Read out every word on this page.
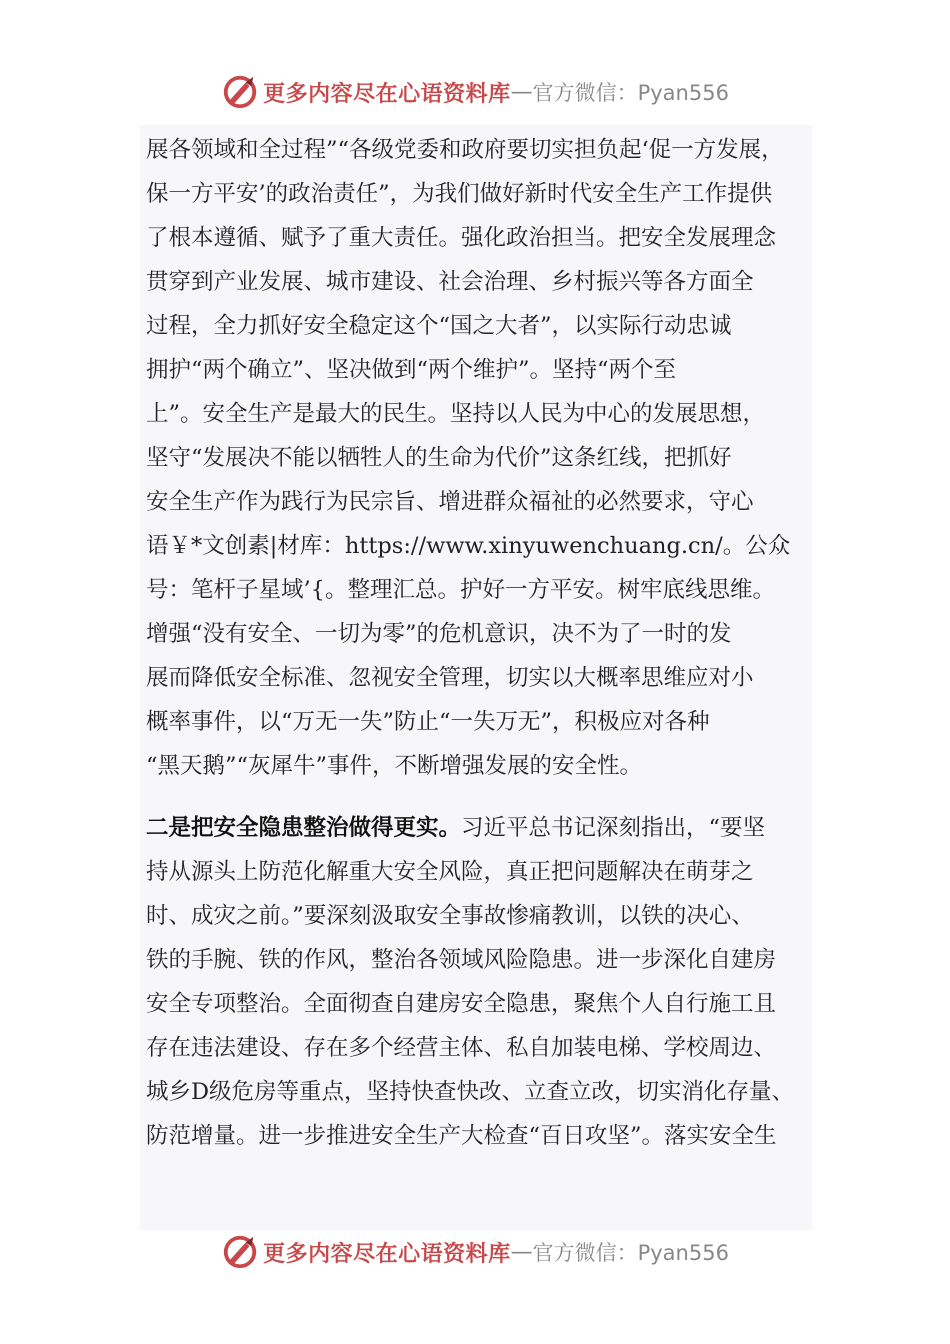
更多内容尽在心语资料库 — 官方微信：Pyan556
展各领域和全过程”“各级党委和政府要切实担负起‘促一方发展，
保一方平安’的政治责任”，为我们做好新时代安全生产工作提供
了根本遵循、赋予了重大责任。强化政治担当。把安全发展理念
贯穿到产业发展、城市建设、社会治理、乡村振兴等各方面全
过程，全力抓好安全稳定这个“国之大者”，以实际行动忠诚
拥护“两个确立”、坚决做到“两个维护”。坚持“两个至
上”。安全生产是最大的民生。坚持以人民为中心的发展思想，
坚守“发展决不能以牺牲人的生命为代价”这条红线，把抓好
安全生产作为践行为民宗旨、增进群众福祉的必然要求，守心
语￥*文创素|材库：https://www.xinyuwenchuang.cn/。公众
号：笔杆子星域’{。整理汇总。护好一方平安。树牢底线思维。
增强“没有安全、一切为零”的危机意识，决不为了一时的发
展而降低安全标准、忽视安全管理，切实以大概率思维应对小
概率事件，以“万无一失”防止“一失万无”，积极应对各种
“黑天鹅”“灰犀牛”事件，不断增强发展的安全性。
二是把安全隐患整治做得更实。习近平总书记深刻指出，“要坚
持从源头上防范化解重大安全风险，真正把问题解决在萌芽之
时、成灾之前。”要深刻汲取安全事故惨痛教训，以铁的决心、
铁的手腕、铁的作风，整治各领域风险隐患。进一步深化自建房
安全专项整治。全面彻查自建房安全隐患，聚焦个人自行施工且
存在违法建设、存在多个经营主体、私自加装电梯、学校周边、
城乡D级危房等重点，坚持快查快改、立查立改，切实消化存量、
防范增量。进一步推进安全生产大检查“百日攻坚”。落实安全生
更多内容尽在心语资料库 — 官方微信：Pyan556
